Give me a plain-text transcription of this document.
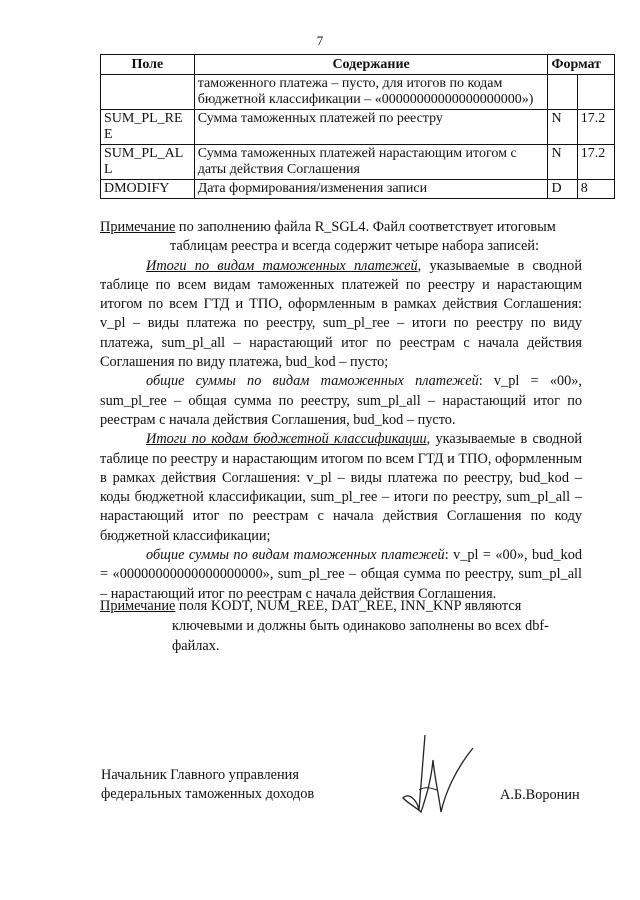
7
Поле	Содержание	Формат	
	таможенного платежа – пусто, для итогов по кодам бюджетной классификации – «00000000000000000000»)		
SUM_PL_REE	Сумма таможенных платежей по реестру	N	17.2
SUM_PL_ALL	Сумма таможенных платежей нарастающим итогом с даты действия Соглашения	N	17.2
DMODIFY	Дата формирования/изменения записи	D	8

Примечание по заполнению файла R_SGL4. Файл соответствует итоговым

таблицам реестра и всегда содержит четыре набора записей:

Итоги по видам таможенных платежей, указываемые в сводной таблице по всем видам таможенных платежей по реестру и нарастающим итогом по всем ГТД и ТПО, оформленным в рамках действия Соглашения: v_pl – виды платежа по реестру, sum_pl_ree – итоги по реестру по виду платежа, sum_pl_all – нарастающий итог по реестрам с начала действия Соглашения по виду платежа, bud_kod – пусто;

общие суммы по видам таможенных платежей: v_pl = «00», sum_pl_ree – общая сумма по реестру, sum_pl_all – нарастающий итог по реестрам с начала действия Соглашения, bud_kod – пусто.

Итоги по кодам бюджетной классификации, указываемые в сводной таблице по реестру и нарастающим итогом по всем ГТД и ТПО, оформленным в рамках действия Соглашения: v_pl – виды платежа по реестру, bud_kod – коды бюджетной классификации, sum_pl_ree – итоги по реестру, sum_pl_all – нарастающий итог по реестрам с начала действия Соглашения по коду бюджетной классификации;

общие суммы по видам таможенных платежей: v_pl = «00», bud_kod = «00000000000000000000», sum_pl_ree – общая сумма по реестру, sum_pl_all – нарастающий итог по реестрам с начала действия Соглашения.

Примечание поля KODT, NUM_REE, DAT_REE, INN_KNP являются
ключевыми и должны быть одинаково заполнены во всех dbf-файлах.
Начальник Главного управления
федеральных таможенных доходов	А.Б.Воронин
